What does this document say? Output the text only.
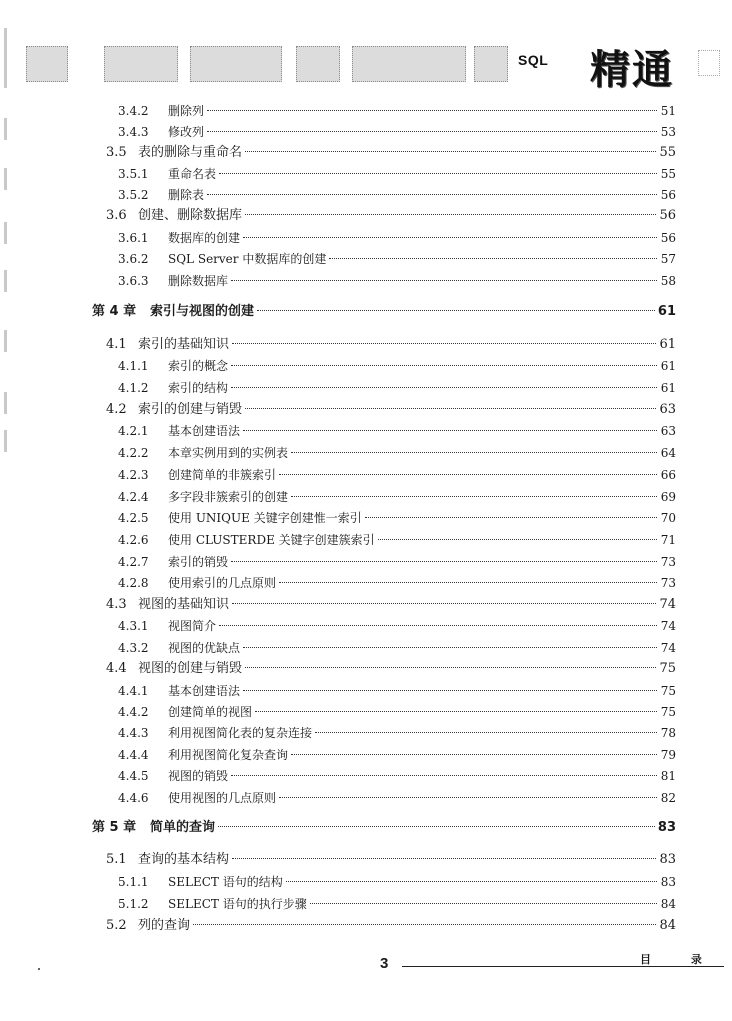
SQL 精通
3.4.2	删除列	51
3.4.3	修改列	53
3.5 表的删除与重命名	55
3.5.1	重命名表	55
3.5.2	删除表	56
3.6 创建、删除数据库	56
3.6.1	数据库的创建	56
3.6.2	SQL Server 中数据库的创建	57
3.6.3	删除数据库	58
第 4 章	索引与视图的创建	61
4.1 索引的基础知识	61
4.1.1	索引的概念	61
4.1.2	索引的结构	61
4.2 索引的创建与销毁	63
4.2.1	基本创建语法	63
4.2.2	本章实例用到的实例表	64
4.2.3	创建简单的非簇索引	66
4.2.4	多字段非簇索引的创建	69
4.2.5	使用 UNIQUE 关键字创建惟一索引	70
4.2.6	使用 CLUSTERDE 关键字创建簇索引	71
4.2.7	索引的销毁	73
4.2.8	使用索引的几点原则	73
4.3 视图的基础知识	74
4.3.1	视图简介	74
4.3.2	视图的优缺点	74
4.4 视图的创建与销毁	75
4.4.1	基本创建语法	75
4.4.2	创建简单的视图	75
4.4.3	利用视图简化表的复杂连接	78
4.4.4	利用视图简化复杂查询	79
4.4.5	视图的销毁	81
4.4.6	使用视图的几点原则	82
第 5 章	简单的查询	83
5.1 查询的基本结构	83
5.1.1	SELECT 语句的结构	83
5.1.2	SELECT 语句的执行步骤	84
5.2 列的查询	84
3	目 录
